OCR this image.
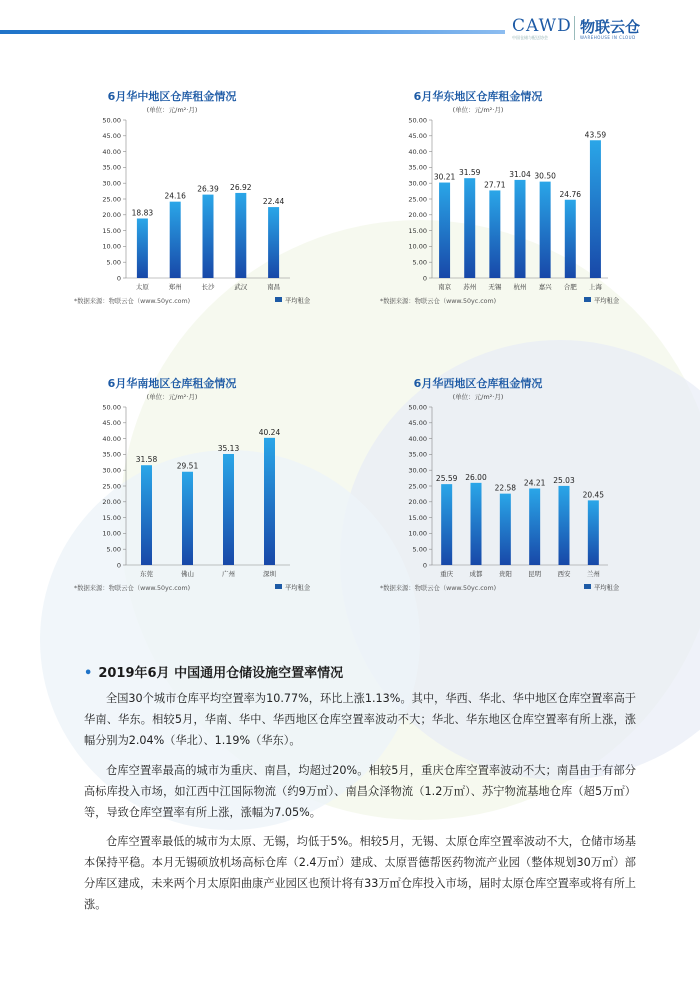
CAWD
中国仓储与配送协会
物联云仓
WAREHOUSE IN CLOUD
6月华中地区仓库租金情况
(单位：元/m²·月)
50.00
45.00
40.00
35.00
30.00
25.00
20.00
15.00
10.00
5.00
0
18.83
太原
24.16
郑州
26.39
长沙
26.92
武汉
22.44
南昌
*数据来源：物联云仓（www.50yc.com)	平均租金
6月华东地区仓库租金情况
(单位：元/m²·月)
50.00
45.00
40.00
35.00
30.00
25.00
20.00
15.00
10.00
5.00
0
30.21
南京
31.59
苏州
27.71
无锡
31.04
杭州
30.50
嘉兴
24.76
合肥
43.59
上海
*数据来源：物联云仓（www.50yc.com)	平均租金
6月华南地区仓库租金情况
(单位：元/m²·月)
50.00
45.00
40.00
35.00
30.00
25.00
20.00
15.00
10.00
5.00
0
31.58
东莞
29.51
佛山
35.13
广州
40.24
深圳
*数据来源：物联云仓（www.50yc.com)	平均租金
6月华西地区仓库租金情况
(单位：元/m²·月)
50.00
45.00
40.00
35.00
30.00
25.00
20.00
15.00
10.00
5.00
0
25.59
重庆
26.00
成都
22.58
贵阳
24.21
昆明
25.03
西安
20.45
兰州
*数据来源：物联云仓（www.50yc.com)	平均租金
• 2019年6月 中国通用仓储设施空置率情况

全国30个城市仓库平均空置率为10.77%，环比上涨1.13%。其中，华西、华北、华中地区仓库空置率高于华南、华东。相较5月，华南、华中、华西地区仓库空置率波动不大；华北、华东地区仓库空置率有所上涨，涨幅分别为2.04%（华北）、1.19%（华东）。

仓库空置率最高的城市为重庆、南昌，均超过20%。相较5月，重庆仓库空置率波动不大；南昌由于有部分高标库投入市场，如江西中江国际物流（约9万㎡）、南昌众泽物流（1.2万㎡）、苏宁物流基地仓库（超5万㎡）等，导致仓库空置率有所上涨，涨幅为7.05%。

仓库空置率最低的城市为太原、无锡，均低于5%。相较5月，无锡、太原仓库空置率波动不大，仓储市场基本保持平稳。本月无锡硕放机场高标仓库（2.4万㎡）建成、太原晋德帮医药物流产业园（整体规划30万㎡）部分库区建成，未来两个月太原阳曲康产业园区也预计将有33万㎡仓库投入市场，届时太原仓库空置率或将有所上涨。
